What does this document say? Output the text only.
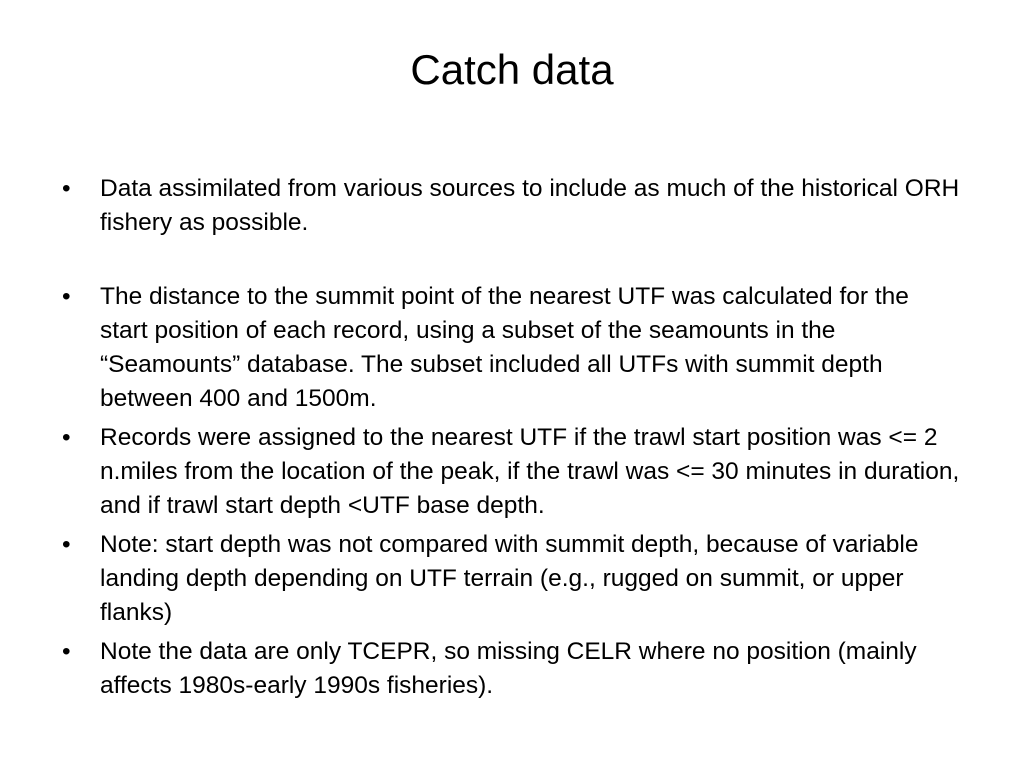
Catch data
•	Data assimilated from various sources to include as much of the historical ORH fishery as possible.
•	The distance to the summit point of the nearest UTF was calculated for the start position of each record, using a subset of the seamounts in the “Seamounts” database. The subset included all UTFs with summit depth between 400 and 1500m.
•	Records were assigned to the nearest UTF if the trawl start position was <= 2 n.miles from the location of the peak, if the trawl was <= 30 minutes in duration, and if trawl start depth <UTF base depth.
•	Note: start depth was not compared with summit depth, because of variable landing depth depending on UTF terrain (e.g., rugged on summit, or upper flanks)
•	Note the data are only TCEPR, so missing CELR where no position (mainly affects 1980s-early 1990s fisheries).
